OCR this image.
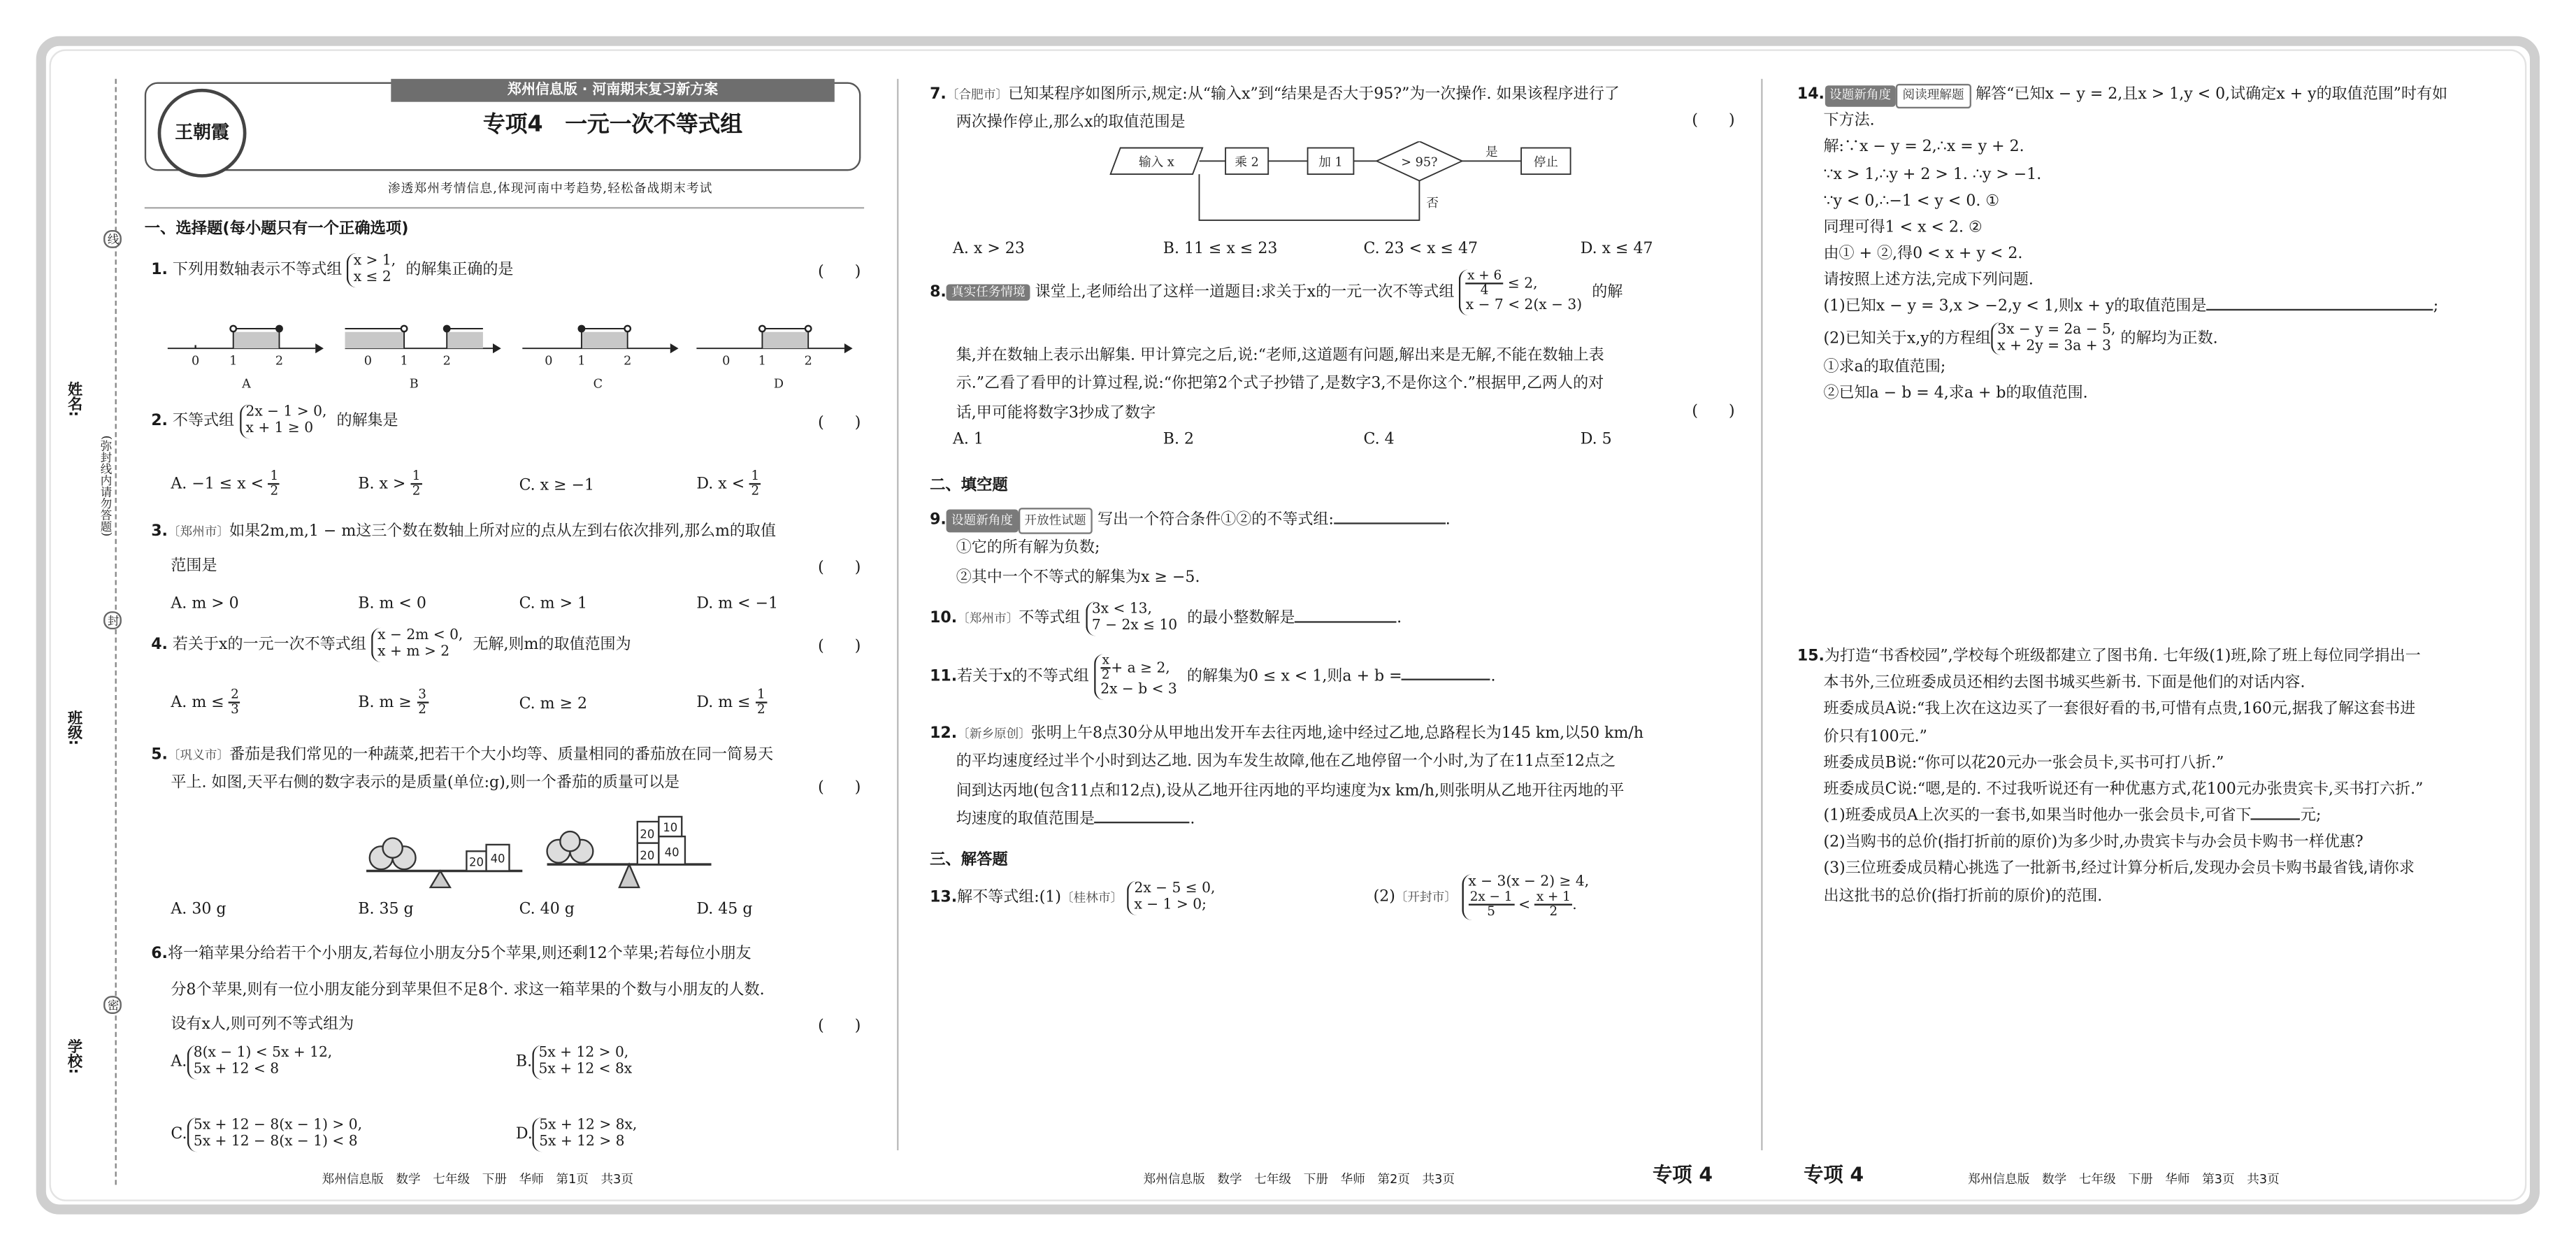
姓名:
班级:
学校:
线
封
密
(弥封线内请勿答题)
郑州信息版 · 河南期末复习新方案
王朝霞	专项4　一元一次不等式组
渗透郑州考情信息,体现河南中考趋势,轻松备战期末考试
一、选择题(每小题只有一个正确选项)
1. 下列用数轴表示不等式组 x > 1,
x ≤ 2 的解集正确的是	(　　)
0	1	2
A
0	1	2
B
0	1	2
C
0	1	2
D
2. 不等式组 2x − 1 > 0,
x + 1 ≥ 0	的解集是	(　　)
A. $-1 \le x < \frac{1}{2}$	B. $x > \frac{1}{2}$	C. x ≥ −1	D. $x < \frac{1}{2}$
3.〔郑州市〕如果2m,m,1 − m这三个数在数轴上所对应的点从左到右依次排列,那么m的取值
范围是	(　　)
A. m > 0	B. m < 0	C. m > 1	D. m < −1
4. 若关于x的一元一次不等式组 x − 2m < 0,
x + m > 2	无解,则m的取值范围为	(　　)
A. $m \le \frac{2}{3}$	B. $m \ge \frac{3}{2}$	C. m ≥ 2	D. $m \le \frac{1}{2}$
5.〔巩义市〕番茄是我们常见的一种蔬菜,把若干个大小均等、质量相同的番茄放在同一简易天
平上. 如图,天平右侧的数字表示的是质量(单位:g),则一个番茄的质量可以是	(　　)
20 40	20 40
20 10
A. 30 g	B. 35 g	C. 40 g	D. 45 g
6.将一箱苹果分给若干个小朋友,若每位小朋友分5个苹果,则还剩12个苹果;若每位小朋友
分8个苹果,则有一位小朋友能分到苹果但不足8个. 求这一箱苹果的个数与小朋友的人数.
设有x人,则可列不等式组为	(　　)
A. 8(x − 1) < 5x + 12,
5x + 12 < 8	B. 5x + 12 > 0,
5x + 12 < 8x
C. 5x + 12 − 8(x − 1) > 0,
5x + 12 − 8(x − 1) < 8	D. 5x + 12 > 8x,
5x + 12 > 8
7.〔合肥市〕已知某程序如图所示,规定:从“输入x”到“结果是否大于95?”为一次操作. 如果该程序进行了
两次操作停止,那么x的取值范围是	(　　)
输入 x	乘 2	加 1	> 95?	停止
是
否
A. x > 23	B. 11 ≤ x ≤ 23	C. 23 < x ≤ 47	D. x ≤ 47
8. 真实任务情境 课堂上,老师给出了这样一道题目:求关于x的一元一次不等式组 $\frac{x + 6}{4} \le 2$,
x − 7 < 2(x − 3) 的解
集,并在数轴上表示出解集. 甲计算完之后,说:“老师,这道题有问题,解出来是无解,不能在数轴上表
示.”乙看了看甲的计算过程,说:“你把第2个式子抄错了,是数字3,不是你这个.”根据甲,乙两人的对
话,甲可能将数字3抄成了数字	(　　)
A. 1	B. 2	C. 4	D. 5
二、填空题
9. 设题新角度 开放性试题 写出一个符合条件①②的不等式组:	.
①它的所有解为负数;
②其中一个不等式的解集为x ≥ −5.
10.〔郑州市〕不等式组 3x < 13,
7 − 2x ≤ 10 的最小整数解是	.
11.若关于x的不等式组 $\frac{x}{2} + a \ge 2$,
2x − b < 3 的解集为0 ≤ x < 1,则a + b =	.
12.〔新乡原创〕张明上午8点30分从甲地出发开车去往丙地,途中经过乙地,总路程长为145 km,以50 km/h
的平均速度经过半个小时到达乙地. 因为车发生故障,他在乙地停留一个小时,为了在11点至12点之
间到达丙地(包含11点和12点),设从乙地开往丙地的平均速度为x km/h,则张明从乙地开往丙地的平
均速度的取值范围是	.
三、解答题
13.解不等式组:(1)〔桂林市〕 2x − 5 ≤ 0,
x − 1 > 0;	(2)〔开封市〕 x − 3(x − 2) ≥ 4,

$\frac{2x - 1}{5} < \frac{x + 1}{2}$ .
14. 设题新角度 阅读理解题 解答“已知x − y = 2,且x > 1,y < 0,试确定x + y的取值范围”时有如
下方法.
解:∵x − y = 2,∴x = y + 2.
∵x > 1,∴y + 2 > 1. ∴y > −1.
∵y < 0,∴−1 < y < 0. ①
同理可得1 < x < 2. ②
由① + ②,得0 < x + y < 2.
请按照上述方法,完成下列问题.
(1)已知x − y = 3,x > −2,y < 1,则x + y的取值范围是	;
(2)已知关于x,y的方程组 3x − y = 2a − 5,
x + 2y = 3a + 3 的解均为正数.
①求a的取值范围;
②已知a − b = 4,求a + b的取值范围.
15.为打造“书香校园”,学校每个班级都建立了图书角. 七年级(1)班,除了班上每位同学捐出一
本书外,三位班委成员还相约去图书城买些新书. 下面是他们的对话内容.
班委成员A说:“我上次在这边买了一套很好看的书,可惜有点贵,160元,据我了解这套书进
价只有100元.”
班委成员B说:“你可以花20元办一张会员卡,买书可打八折.”
班委成员C说:“嗯,是的. 不过我听说还有一种优惠方式,花100元办张贵宾卡,买书打六折.”
(1)班委成员A上次买的一套书,如果当时他办一张会员卡,可省下	元;
(2)当购书的总价(指打折前的原价)为多少时,办贵宾卡与办会员卡购书一样优惠?
(3)三位班委成员精心挑选了一批新书,经过计算分析后,发现办会员卡购书最省钱,请你求
出这批书的总价(指打折前的原价)的范围.
郑州信息版　数学　七年级　下册　华师　第1页　共3页	郑州信息版　数学　七年级　下册　华师　第2页　共3页	专项 4	专项 4	郑州信息版　数学　七年级　下册　华师　第3页　共3页
